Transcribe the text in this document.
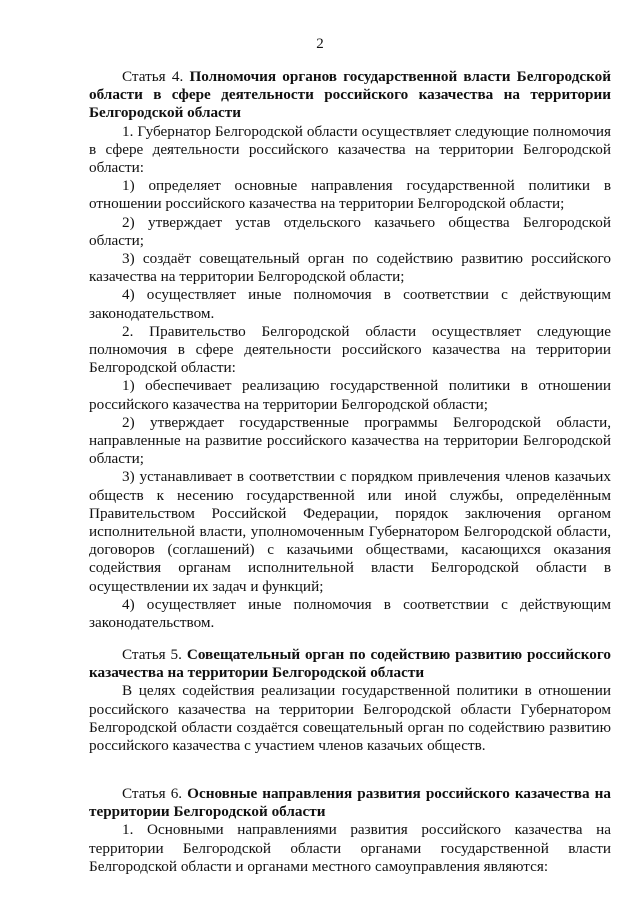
2

Статья 4. Полномочия органов государственной власти Белгородской области в сфере деятельности российского казачества на территории Белгородской области

1. Губернатор Белгородской области осуществляет следующие полномочия в сфере деятельности российского казачества на территории Белгородской области:

1) определяет основные направления государственной политики в отношении российского казачества на территории Белгородской области;

2) утверждает устав отдельского казачьего общества Белгородской области;

3) создаёт совещательный орган по содействию развитию российского казачества на территории Белгородской области;

4) осуществляет иные полномочия в соответствии с действующим законодательством.

2. Правительство Белгородской области осуществляет следующие полномочия в сфере деятельности российского казачества на территории Белгородской области:

1) обеспечивает реализацию государственной политики в отношении российского казачества на территории Белгородской области;

2) утверждает государственные программы Белгородской области, направленные на развитие российского казачества на территории Белгородской области;

3) устанавливает в соответствии с порядком привлечения членов казачьих обществ к несению государственной или иной службы, определённым Правительством Российской Федерации, порядок заключения органом исполнительной власти, уполномоченным Губернатором Белгородской области, договоров (соглашений) с казачьими обществами, касающихся оказания содействия органам исполнительной власти Белгородской области в осуществлении их задач и функций;

4) осуществляет иные полномочия в соответствии с действующим законодательством.

Статья 5. Совещательный орган по содействию развитию российского казачества на территории Белгородской области

В целях содействия реализации государственной политики в отношении российского казачества на территории Белгородской области Губернатором Белгородской области создаётся совещательный орган по содействию развитию российского казачества с участием членов казачьих обществ.

Статья 6. Основные направления развития российского казачества на территории Белгородской области

1. Основными направлениями развития российского казачества на территории Белгородской области органами государственной власти Белгородской области и органами местного самоуправления являются:
